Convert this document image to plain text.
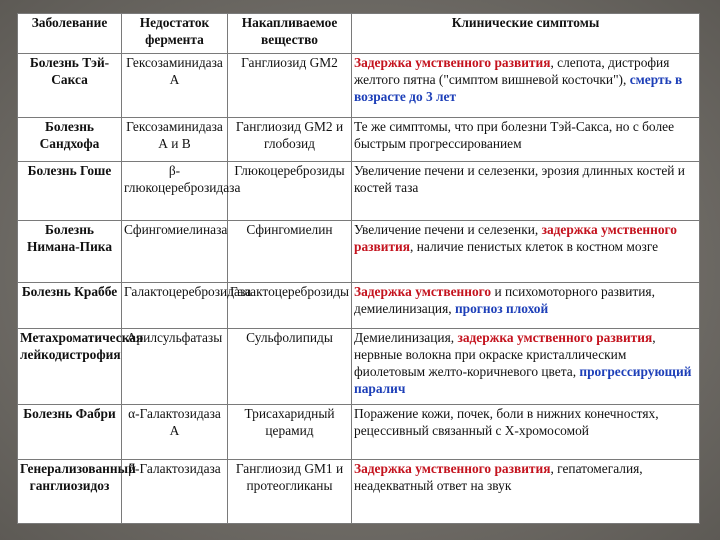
Заболевание	Недостаток фермента	Накапливаемое вещество	Клинические симптомы
Болезнь Тэй-Сакса	Гексозаминидаза А	Ганглиозид GM2	Задержка умственного развития, слепота, дистрофия желтого пятна ("симптом вишневой косточки"), смерть в возрасте до 3 лет
Болезнь Сандхофа	Гексозаминидаза А и В	Ганглиозид GM2 и глобозид	Те же симптомы, что при болезни Тэй-Сакса, но с более быстрым прогрессированием
Болезнь Гоше	β-глюкоцереброзидаза	Глюкоцереброзиды	Увеличение печени и селезенки, эрозия длинных костей и костей таза
Болезнь Нимана-Пика	Сфингомиелиназа	Сфингомиелин	Увеличение печени и селезенки, задержка умственного развития, наличие пенистых клеток в костном мозге
Болезнь Краббе	Галактоцереброзидаза	Галактоцереброзиды	Задержка умственного и психомоторного развития, демиелинизация, прогноз плохой
Метахроматическая лейкодистрофия	Арилсульфатазы	Сульфолипиды	Демиелинизация, задержка умственного развития, нервные волокна при окраске кристаллическим фиолетовым желто-коричневого цвета, прогрессирующий паралич
Болезнь Фабри	α-Галактозидаза А	Трисахаридный церамид	Поражение кожи, почек, боли в нижних конечностях, рецессивный связанный с Х-хромосомой
Генерализованный ганглиозидоз	β-Галактозидаза	Ганглиозид GM1 и протеогликаны	Задержка умственного развития, гепатомегалия, неадекватный ответ на звук
